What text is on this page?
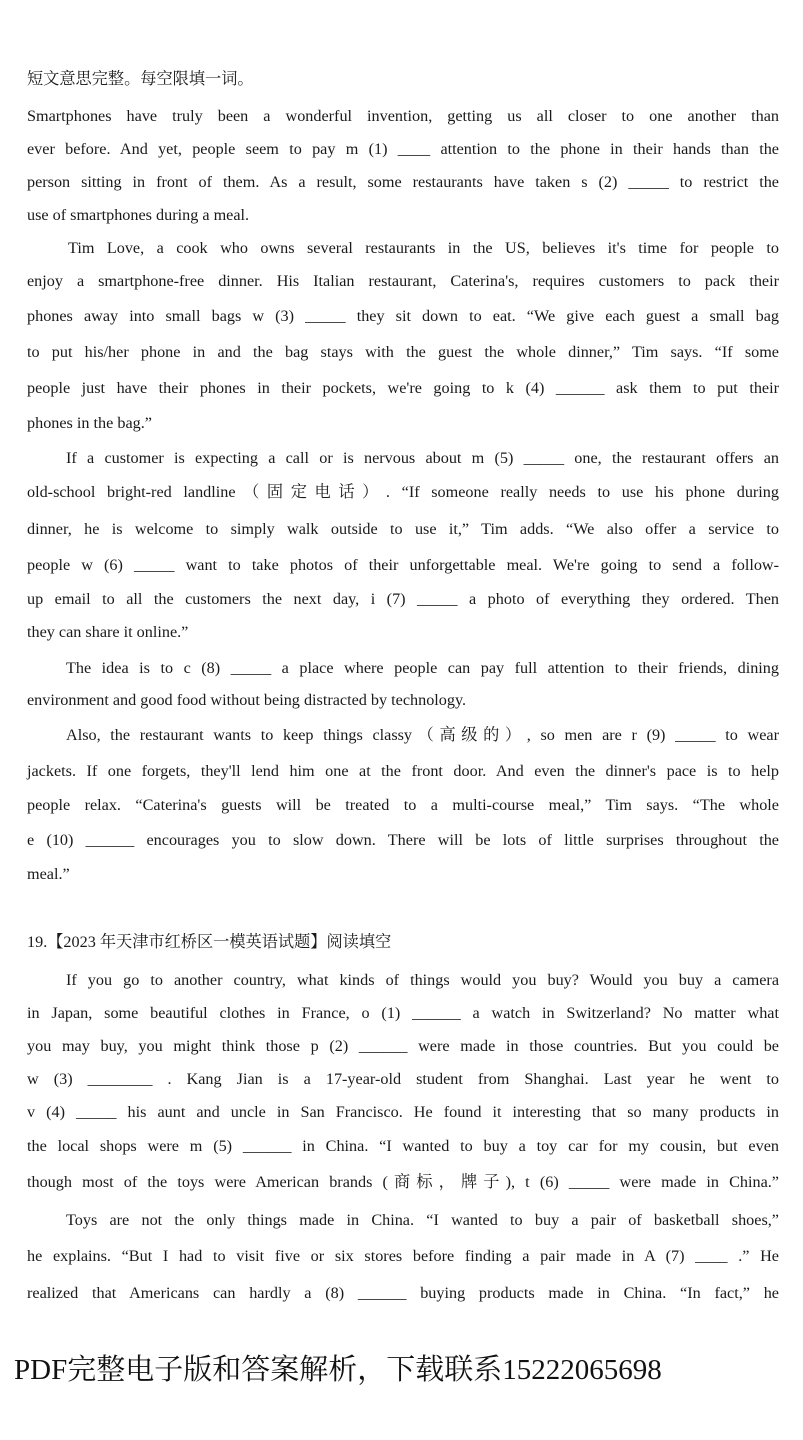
短文意思完整。每空限填一词。
Smartphones have truly been a wonderful invention, getting us all closer to one another than
ever before. And yet, people seem to pay m (1) ____ attention to the phone in their hands than the
person sitting in front of them. As a result, some restaurants have taken s (2) _____ to restrict the
use of smartphones during a meal.
Tim Love, a cook who owns several restaurants in the US, believes it's time for people to
enjoy a smartphone-free dinner. His Italian restaurant, Caterina's, requires customers to pack their
phones away into small bags w (3) _____ they sit down to eat. “We give each guest a small bag
to put his/her phone in and the bag stays with the guest the whole dinner,” Tim says. “If some
people just have their phones in their pockets, we're going to k (4) ______ ask them to put their
phones in the bag.”
If a customer is expecting a call or is nervous about m (5) _____ one, the restaurant offers an
old-school bright-red landline（固定电话）. “If someone really needs to use his phone during
dinner, he is welcome to simply walk outside to use it,” Tim adds. “We also offer a service to
people w (6) _____ want to take photos of their unforgettable meal. We're going to send a follow-
up email to all the customers the next day, i (7) _____ a photo of everything they ordered. Then
they can share it online.”
The idea is to c (8) _____ a place where people can pay full attention to their friends, dining
environment and good food without being distracted by technology.
Also, the restaurant wants to keep things classy（高级的）, so men are r (9) _____ to wear
jackets. If one forgets, they'll lend him one at the front door. And even the dinner's pace is to help
people relax. “Caterina's guests will be treated to a multi-course meal,” Tim says. “The whole
e (10) ______ encourages you to slow down. There will be lots of little surprises throughout the
meal.”
19.【2023 年天津市红桥区一模英语试题】阅读填空
If you go to another country, what kinds of things would you buy? Would you buy a camera
in Japan, some beautiful clothes in France, o (1) ______ a watch in Switzerland? No matter what
you may buy, you might think those p (2) ______ were made in those countries. But you could be
w (3) ________ . Kang Jian is a 17-year-old student from Shanghai. Last year he went to
v (4) _____ his aunt and uncle in San Francisco. He found it interesting that so many products in
the local shops were m (5) ______ in China. “I wanted to buy a toy car for my cousin, but even
though most of the toys were American brands (商标，牌子), t (6) _____ were made in China.”
Toys are not the only things made in China. “I wanted to buy a pair of basketball shoes,”
he explains. “But I had to visit five or six stores before finding a pair made in A (7) ____ .” He
realized that Americans can hardly a (8) ______ buying products made in China. “In fact,” he
PDF完整电子版和答案解析，下载联系15222065698
